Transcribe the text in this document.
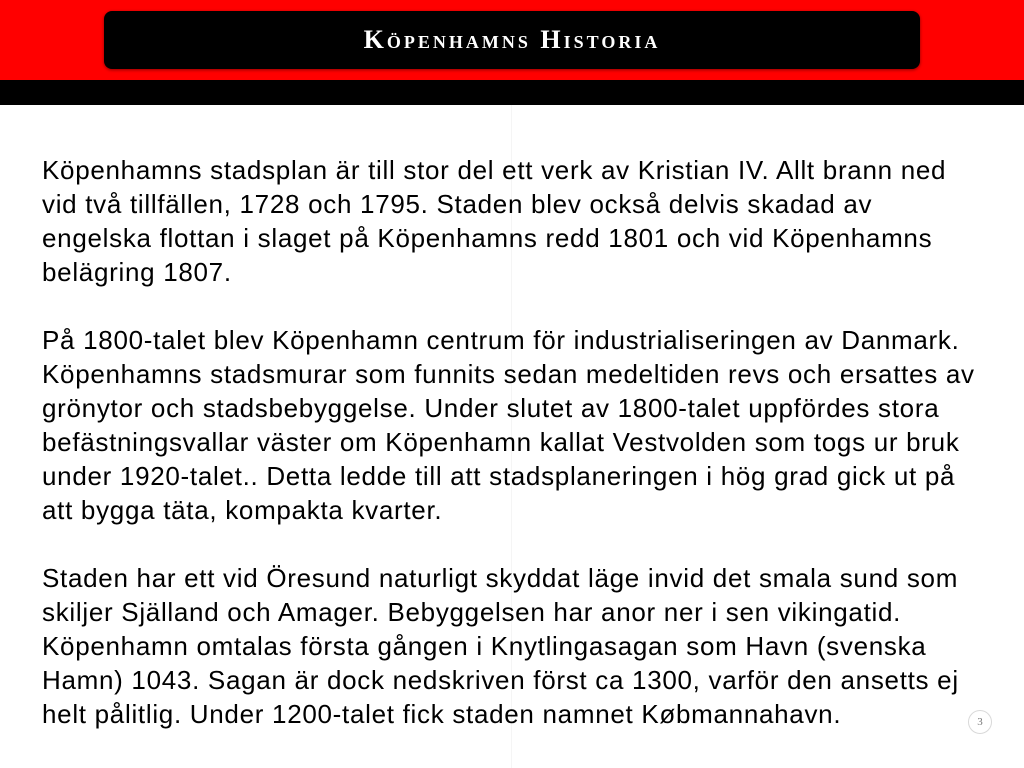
Köpenhamns Historia
Köpenhamns stadsplan är till stor del ett verk av Kristian IV. Allt brann ned
vid två tillfällen, 1728 och 1795. Staden blev också delvis skadad av
engelska flottan i slaget på Köpenhamns redd 1801 och vid Köpenhamns
belägring 1807.
På 1800-talet blev Köpenhamn centrum för industrialiseringen av Danmark.
Köpenhamns stadsmurar som funnits sedan medeltiden revs och ersattes av
grönytor och stadsbebyggelse. Under slutet av 1800-talet uppfördes stora
befästningsvallar väster om Köpenhamn kallat Vestvolden som togs ur bruk
under 1920-talet.. Detta ledde till att stadsplaneringen i hög grad gick ut på
att bygga täta, kompakta kvarter.
Staden har ett vid Öresund naturligt skyddat läge invid det smala sund som
skiljer Själland och Amager. Bebyggelsen har anor ner i sen vikingatid.
Köpenhamn omtalas första gången i Knytlingasagan som Havn (svenska
Hamn) 1043. Sagan är dock nedskriven först ca 1300, varför den ansetts ej
helt pålitlig. Under 1200-talet fick staden namnet Købmannahavn.	3
